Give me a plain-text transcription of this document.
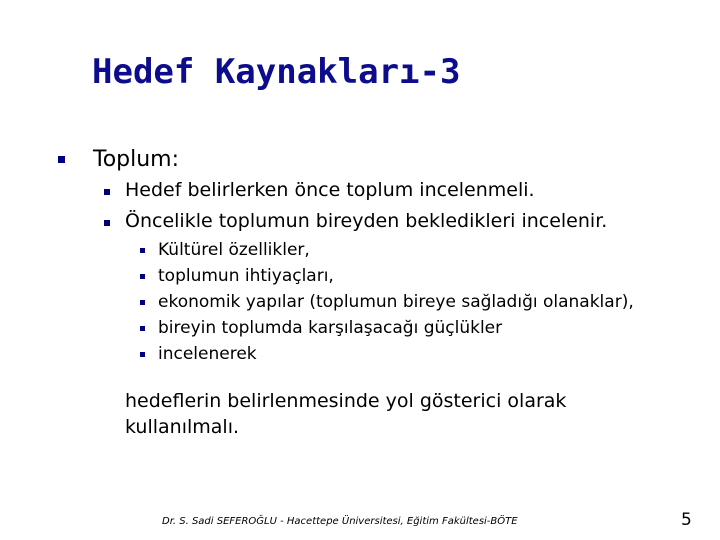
Hedef Kaynakları-3
Toplum:
Hedef belirlerken önce toplum incelenmeli.
Öncelikle toplumun bireyden bekledikleri incelenir.
Kültürel özellikler,
toplumun ihtiyaçları,
ekonomik yapılar (toplumun bireye sağladığı olanaklar),
bireyin toplumda karşılaşacağı güçlükler
incelenerek
hedeflerin belirlenmesinde yol gösterici olarak
kullanılmalı.
Dr. S. Sadi SEFEROĞLU - Hacettepe Üniversitesi, Eğitim Fakültesi-BÖTE	5
